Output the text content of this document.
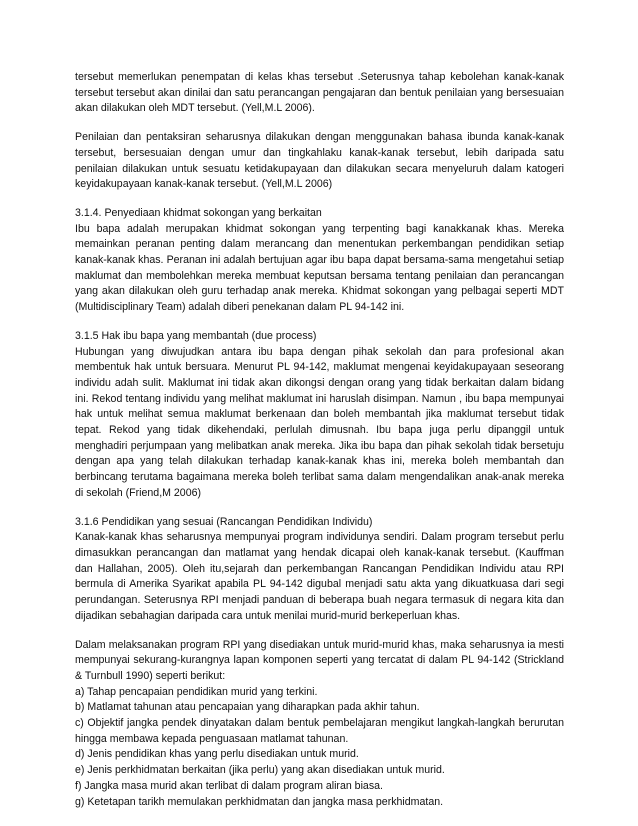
tersebut memerlukan penempatan di kelas khas tersebut .Seterusnya tahap kebolehan kanak-kanak tersebut tersebut akan dinilai dan satu perancangan pengajaran dan bentuk penilaian yang bersesuaian akan dilakukan oleh MDT tersebut. (Yell,M.L 2006).

Penilaian dan pentaksiran seharusnya dilakukan dengan menggunakan bahasa ibunda kanak-kanak tersebut, bersesuaian dengan umur dan tingkahlaku kanak-kanak tersebut, lebih daripada satu penilaian dilakukan untuk sesuatu ketidakupayaan dan dilakukan secara menyeluruh dalam katogeri keyidakupayaan kanak-kanak tersebut. (Yell,M.L 2006)

3.1.4. Penyediaan khidmat sokongan yang berkaitan

Ibu bapa adalah merupakan khidmat sokongan yang terpenting bagi kanakkanak khas. Mereka memainkan peranan penting dalam merancang dan menentukan perkembangan pendidikan setiap kanak-kanak khas. Peranan ini adalah bertujuan agar ibu bapa dapat bersama-sama mengetahui setiap maklumat dan membolehkan mereka membuat keputsan bersama tentang penilaian dan perancangan yang akan dilakukan oleh guru terhadap anak mereka. Khidmat sokongan yang pelbagai seperti MDT (Multidisciplinary Team) adalah diberi penekanan dalam PL 94-142 ini.

3.1.5 Hak ibu bapa yang membantah (due process)

Hubungan yang diwujudkan antara ibu bapa dengan pihak sekolah dan para profesional akan membentuk hak untuk bersuara. Menurut PL 94-142, maklumat mengenai keyidakupayaan seseorang individu adah sulit. Maklumat ini tidak akan dikongsi dengan orang yang tidak berkaitan dalam bidang ini. Rekod tentang individu yang melihat maklumat ini haruslah disimpan. Namun , ibu bapa mempunyai hak untuk melihat semua maklumat berkenaan dan boleh membantah jika maklumat tersebut tidak tepat. Rekod yang tidak dikehendaki, perlulah dimusnah. Ibu bapa juga perlu dipanggil untuk menghadiri perjumpaan yang melibatkan anak mereka. Jika ibu bapa dan pihak sekolah tidak bersetuju dengan apa yang telah dilakukan terhadap kanak-kanak khas ini, mereka boleh membantah dan berbincang terutama bagaimana mereka boleh terlibat sama dalam mengendalikan anak-anak mereka di sekolah (Friend,M 2006)

3.1.6 Pendidikan yang sesuai (Rancangan Pendidikan Individu)

Kanak-kanak khas seharusnya mempunyai program individunya sendiri. Dalam program tersebut perlu dimasukkan perancangan dan matlamat yang hendak dicapai oleh kanak-kanak tersebut. (Kauffman dan Hallahan, 2005). Oleh itu,sejarah dan perkembangan Rancangan Pendidikan Individu atau RPI bermula di Amerika Syarikat apabila PL 94-142 digubal menjadi satu akta yang dikuatkuasa dari segi perundangan. Seterusnya RPI menjadi panduan di beberapa buah negara termasuk di negara kita dan dijadikan sebahagian daripada cara untuk menilai murid-murid berkeperluan khas.

Dalam melaksanakan program RPI yang disediakan untuk murid-murid khas, maka seharusnya ia mesti mempunyai sekurang-kurangnya lapan komponen seperti yang tercatat di dalam PL 94-142 (Strickland & Turnbull 1990) seperti berikut:

a) Tahap pencapaian pendidikan murid yang terkini.

b) Matlamat tahunan atau pencapaian yang diharapkan pada akhir tahun.

c) Objektif jangka pendek dinyatakan dalam bentuk pembelajaran mengikut langkah-langkah berurutan hingga membawa kepada penguasaan matlamat tahunan.

d) Jenis pendidikan khas yang perlu disediakan untuk murid.

e) Jenis perkhidmatan berkaitan (jika perlu) yang akan disediakan untuk murid.

f) Jangka masa murid akan terlibat di dalam program aliran biasa.

g) Ketetapan tarikh memulakan perkhidmatan dan jangka masa perkhidmatan.
